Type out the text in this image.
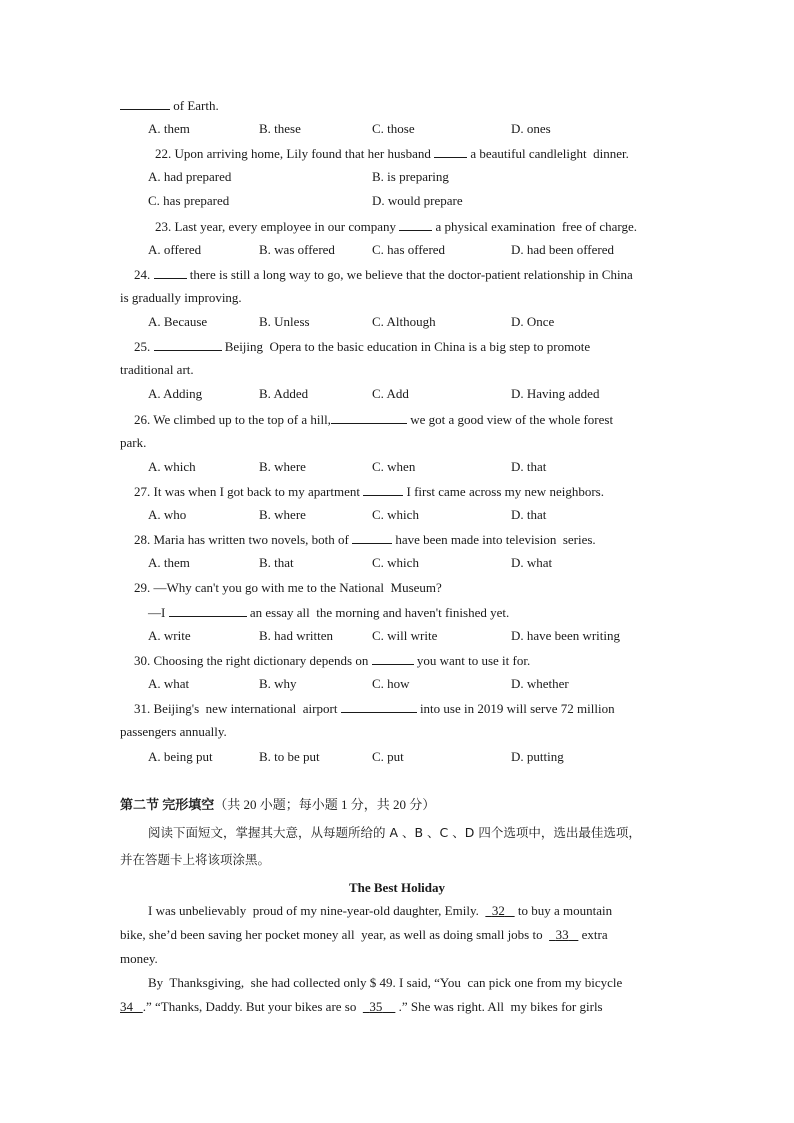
of Earth.
A. them	B. these	C. those	D. ones
22. Upon arriving home, Lily found that her husband	a beautiful candlelight  dinner.
A. had prepared	B. is preparing
C. has prepared	D. would prepare
23. Last year, every employee in our company	a physical examination  free of charge.
A. offered	B. was offered	C. has offered	D. had been offered
24.	there is still a long way to go, we believe that the doctor-patient relationship in China
is gradually improving.
A. Because	B. Unless	C. Although	D. Once
25.	Beijing  Opera to the basic education in China is a big step to promote
traditional art.
A. Adding	B. Added	C. Add	D. Having added
26. We climbed up to the top of a hill,	we got a good view of the whole forest
park.
A. which	B. where	C. when	D. that
27. It was when I got back to my apartment	I first came across my new neighbors.
A. who	B. where	C. which	D. that
28. Maria has written two novels, both of	have been made into television  series.
A. them	B. that	C. which	D. what
29. —Why can't you go with me to the National  Museum?
—I	an essay all  the morning and haven't finished yet.
A. write	B. had written	C. will write	D. have been writing
30. Choosing the right dictionary depends on	you want to use it for.
A. what	B. why	C. how	D. whether
31. Beijing's  new international  airport	into use in 2019 will serve 72 million
passengers annually.
A. being put	B. to be put	C. put	D. putting
第二节 完形填空（共 20 小题；每小题 1 分，共 20 分）
阅读下面短文，掌握其大意，从每题所给的 A 、B 、C 、D 四个选项中，选出最佳选项，
并在答题卡上将该项涂黑。
The Best Holiday
I was unbelievably  proud of my nine-year-old daughter, Emily.    32    to buy a mountain
bike, she’d been saving her pocket money all  year, as well as doing small jobs to    33    extra
money.
By  Thanksgiving,  she had collected only $ 49. I said, “You  can pick one from my bicycle
34 .” “Thanks, Daddy. But your bikes are so    35     .” She was right. All  my bikes for girls
